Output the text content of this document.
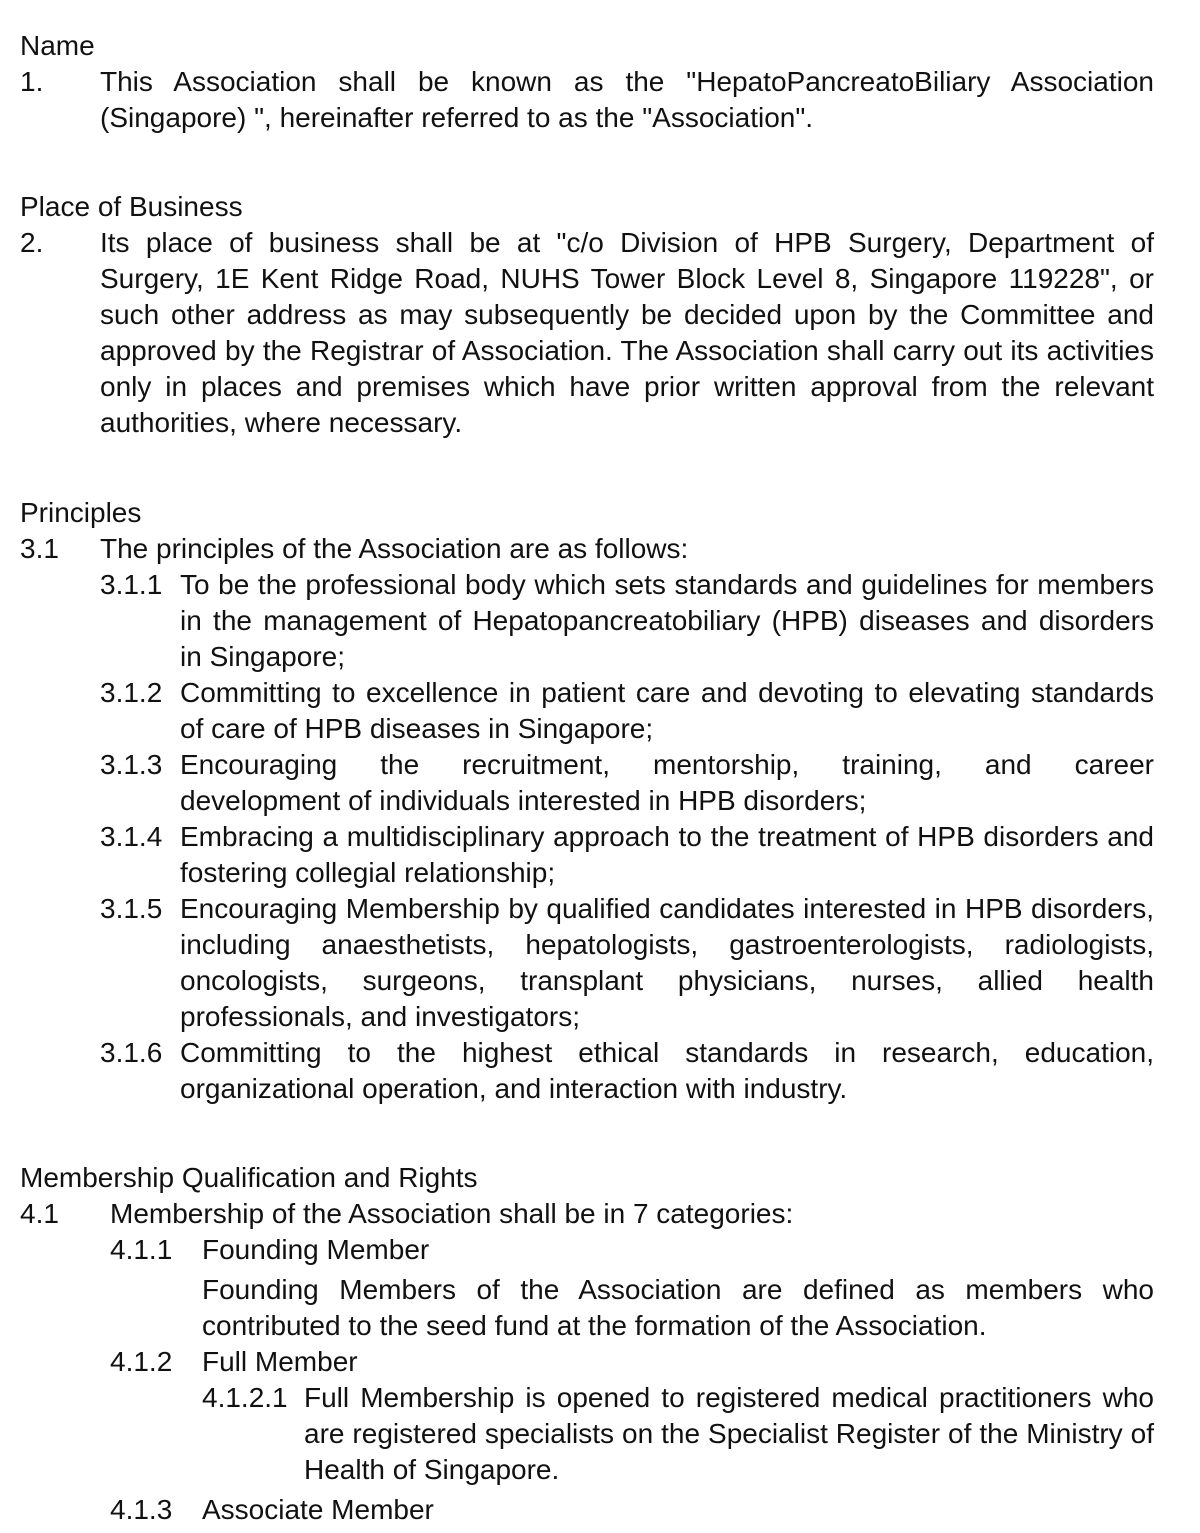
Name
1.	This Association shall be known as the "HepatoPancreatoBiliary Association (Singapore) ", hereinafter referred to as the "Association".
Place of Business
2.	Its place of business shall be at "c/o Division of HPB Surgery, Department of Surgery, 1E Kent Ridge Road, NUHS Tower Block Level 8, Singapore 119228", or such other address as may subsequently be decided upon by the Committee and approved by the Registrar of Association. The Association shall carry out its activities only in places and premises which have prior written approval from the relevant authorities, where necessary.
Principles
3.1	The principles of the Association are as follows:
3.1.1 To be the professional body which sets standards and guidelines for members in the management of Hepatopancreatobiliary (HPB) diseases and disorders in Singapore;
3.1.2 Committing to excellence in patient care and devoting to elevating standards of care of HPB diseases in Singapore;
3.1.3 Encouraging the recruitment, mentorship, training, and career
development of individuals interested in HPB disorders;
3.1.4 Embracing a multidisciplinary approach to the treatment of HPB disorders and fostering collegial relationship;
3.1.5 Encouraging Membership by qualified candidates interested in HPB disorders, including anaesthetists, hepatologists, gastroenterologists, radiologists, oncologists, surgeons, transplant physicians, nurses, allied health professionals, and investigators;
3.1.6 Committing to the highest ethical standards in research, education, organizational operation, and interaction with industry.
Membership Qualification and Rights
4.1	Membership of the Association shall be in 7 categories:
4.1.1	Founding Member
Founding Members of the Association are defined as members who contributed to the seed fund at the formation of the Association.
4.1.2	Full Member
4.1.2.1 Full Membership is opened to registered medical practitioners who are registered specialists on the Specialist Register of the Ministry of Health of Singapore.
4.1.3	Associate Member
